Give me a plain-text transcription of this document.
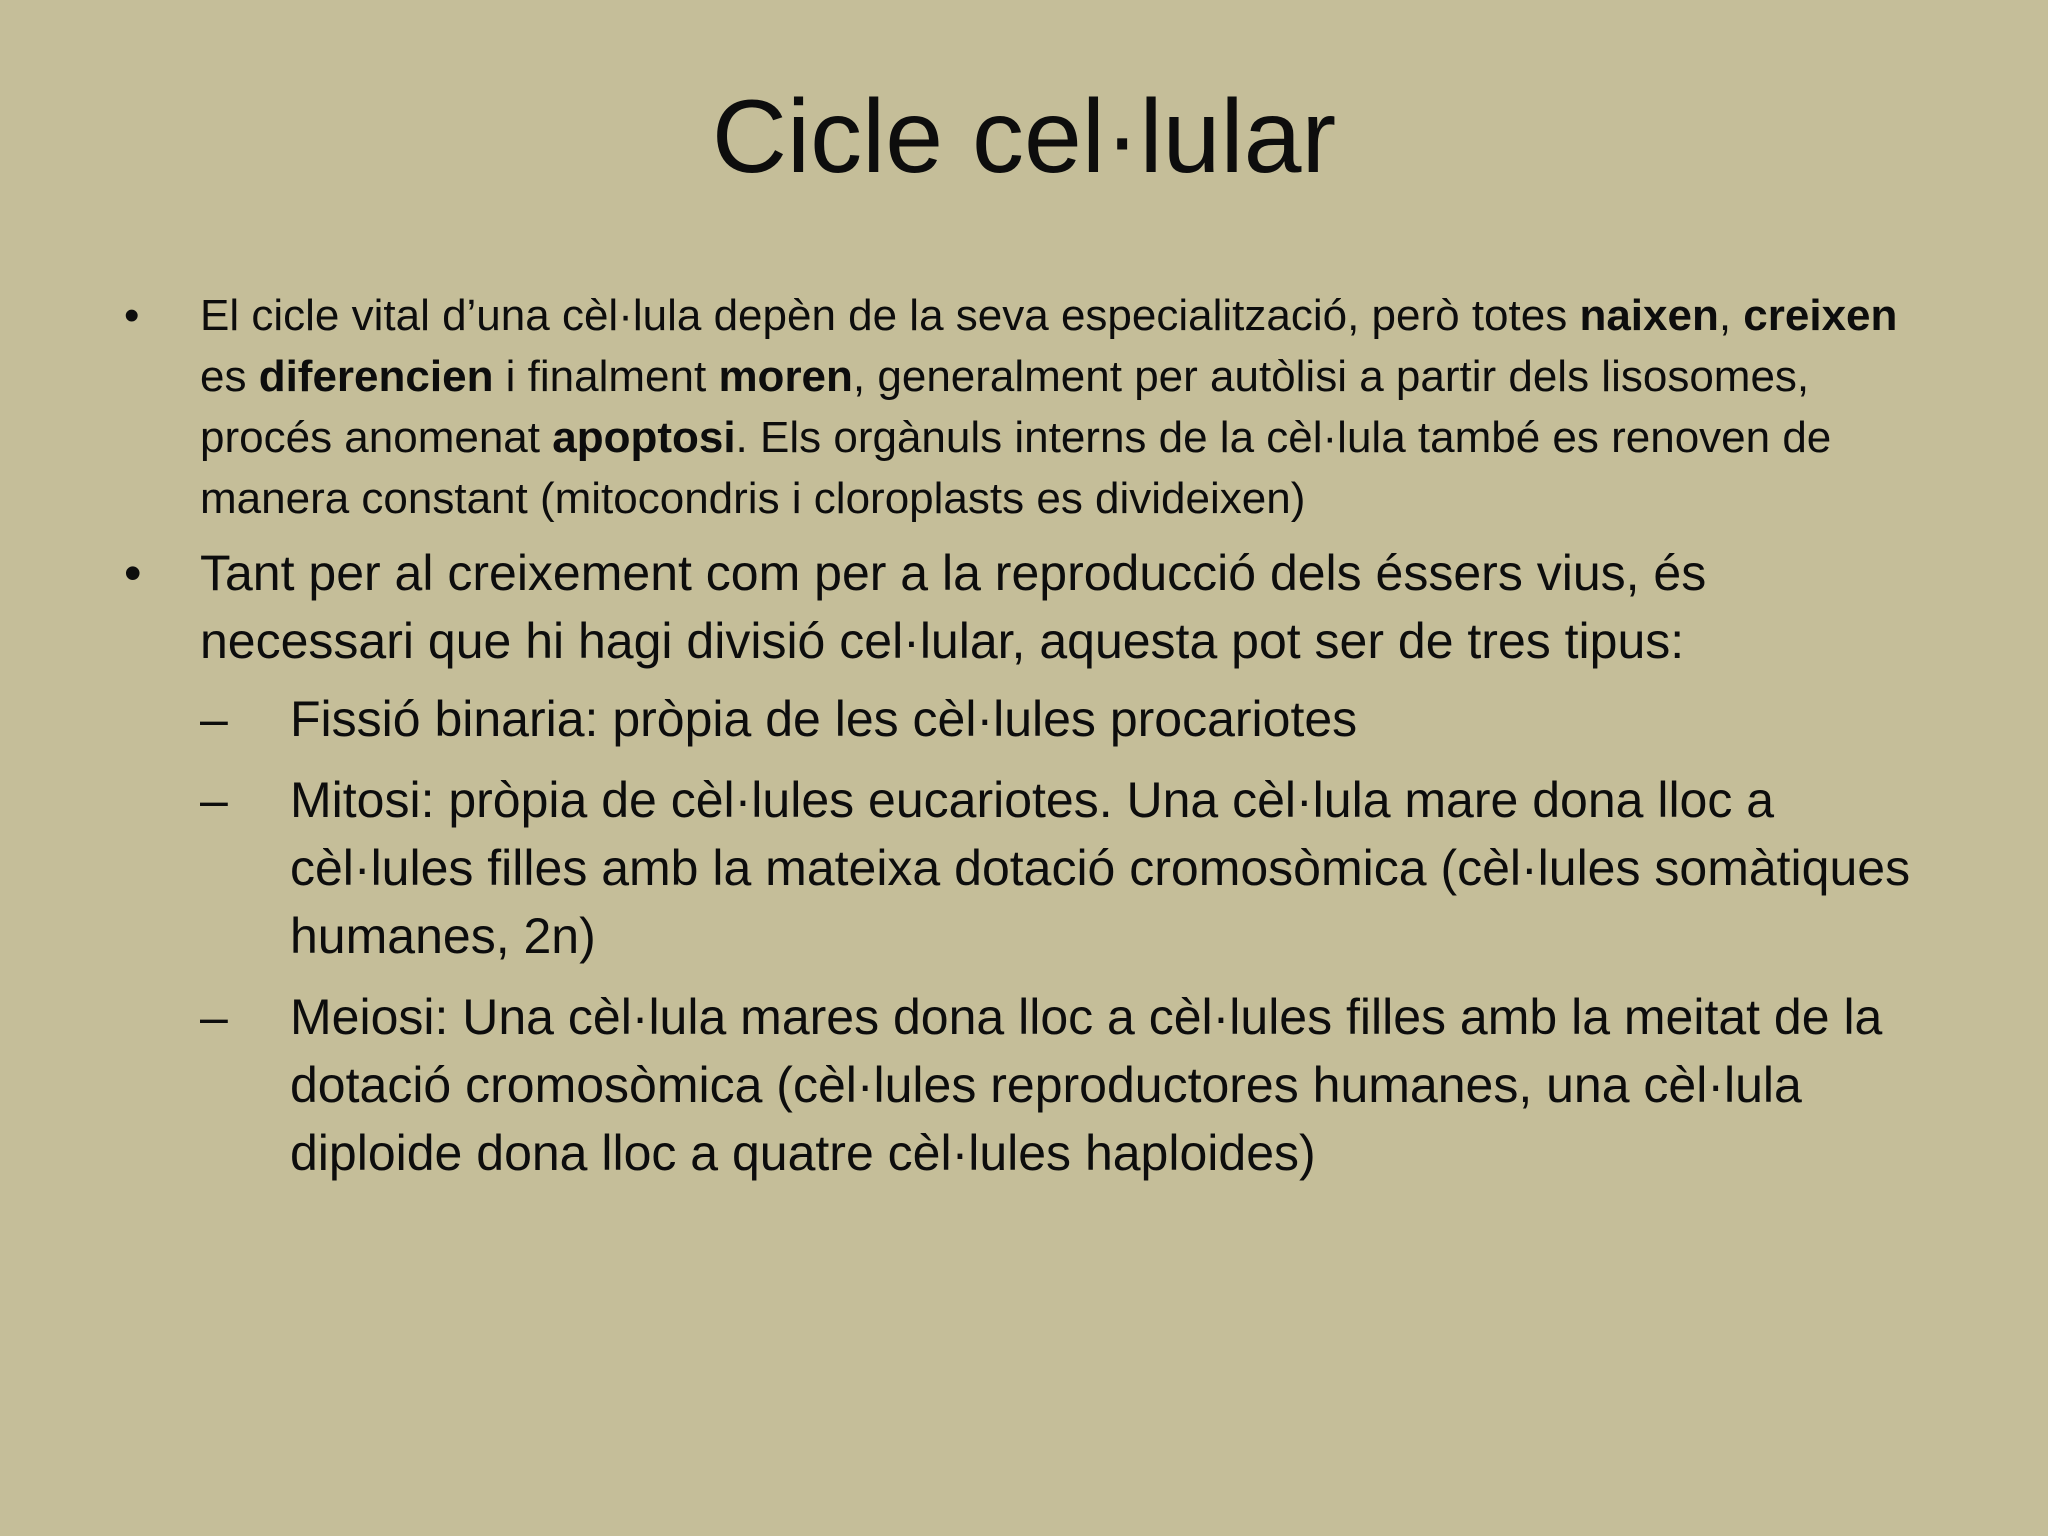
Cicle cel·lular
•	El cicle vital d’una cèl·lula depèn de la seva especialització, però totes naixen, creixen es diferencien i finalment moren, generalment per autòlisi a partir dels lisosomes, procés anomenat apoptosi. Els orgànuls interns de la cèl·lula també es renoven de manera constant (mitocondris i cloroplasts es divideixen)
•	Tant per al creixement com per a la reproducció dels éssers vius, és necessari que hi hagi divisió cel·lular, aquesta pot ser de tres tipus:
–	Fissió binaria: pròpia de les cèl·lules procariotes
–	Mitosi: pròpia de cèl·lules eucariotes. Una cèl·lula mare dona lloc a cèl·lules filles amb la mateixa dotació cromosòmica (cèl·lules somàtiques humanes, 2n)
–	Meiosi: Una cèl·lula mares dona lloc a cèl·lules filles amb la meitat de la dotació cromosòmica (cèl·lules reproductores humanes, una cèl·lula diploide dona lloc a quatre cèl·lules haploides)
